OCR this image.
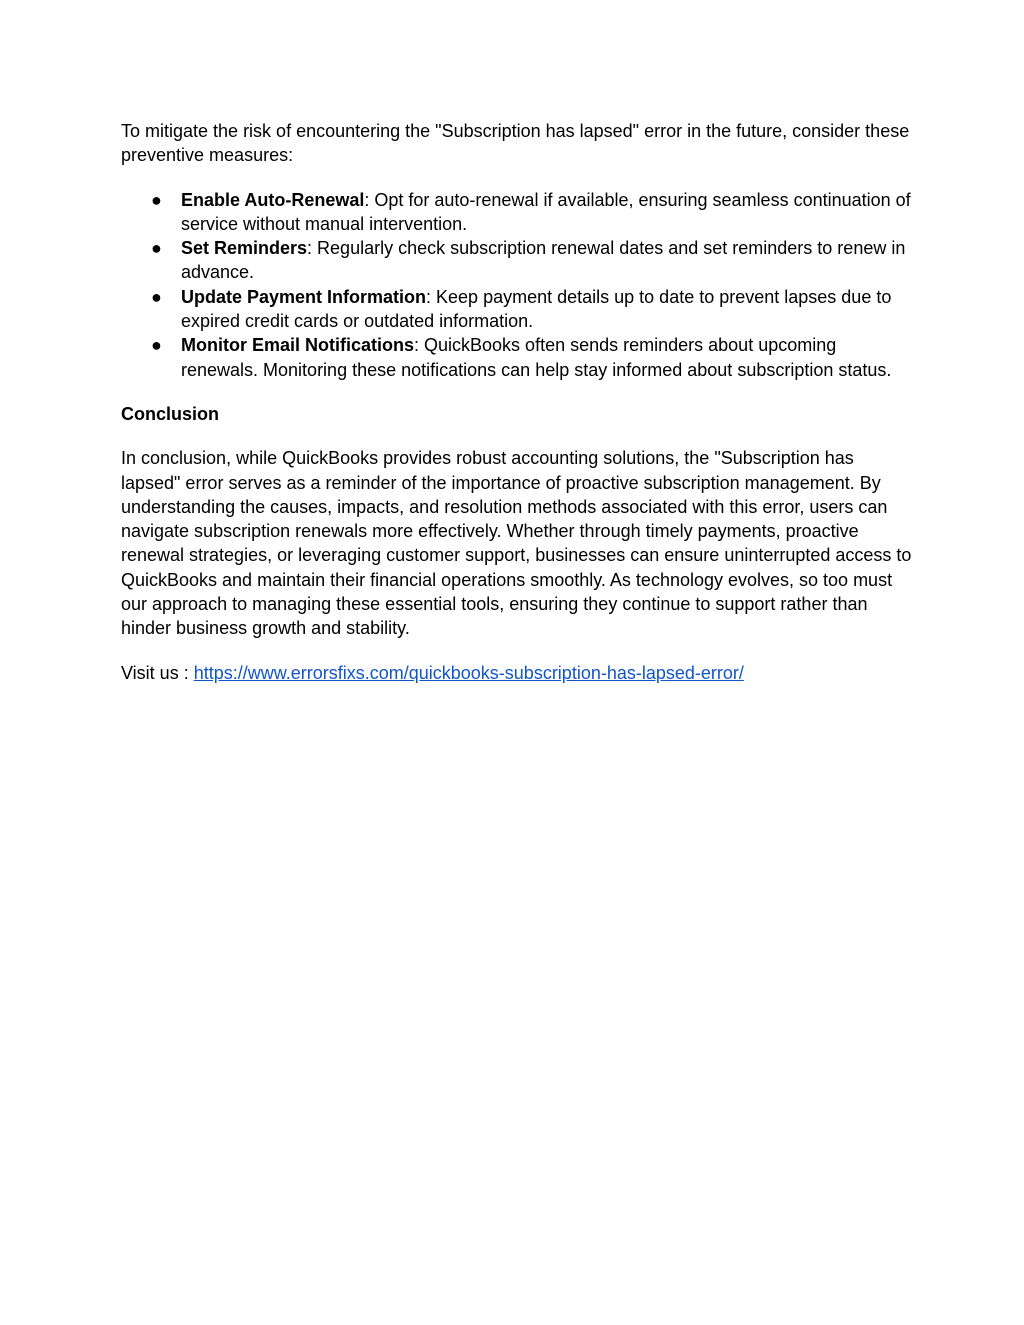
To mitigate the risk of encountering the "Subscription has lapsed" error in the future, consider these preventive measures:

● Enable Auto-Renewal: Opt for auto-renewal if available, ensuring seamless continuation of service without manual intervention.
● Set Reminders: Regularly check subscription renewal dates and set reminders to renew in advance.
● Update Payment Information: Keep payment details up to date to prevent lapses due to expired credit cards or outdated information.
● Monitor Email Notifications: QuickBooks often sends reminders about upcoming renewals. Monitoring these notifications can help stay informed about subscription status.

Conclusion

In conclusion, while QuickBooks provides robust accounting solutions, the "Subscription has lapsed" error serves as a reminder of the importance of proactive subscription management. By understanding the causes, impacts, and resolution methods associated with this error, users can navigate subscription renewals more effectively. Whether through timely payments, proactive renewal strategies, or leveraging customer support, businesses can ensure uninterrupted access to QuickBooks and maintain their financial operations smoothly. As technology evolves, so too must our approach to managing these essential tools, ensuring they continue to support rather than hinder business growth and stability.

Visit us : https://www.errorsfixs.com/quickbooks-subscription-has-lapsed-error/
